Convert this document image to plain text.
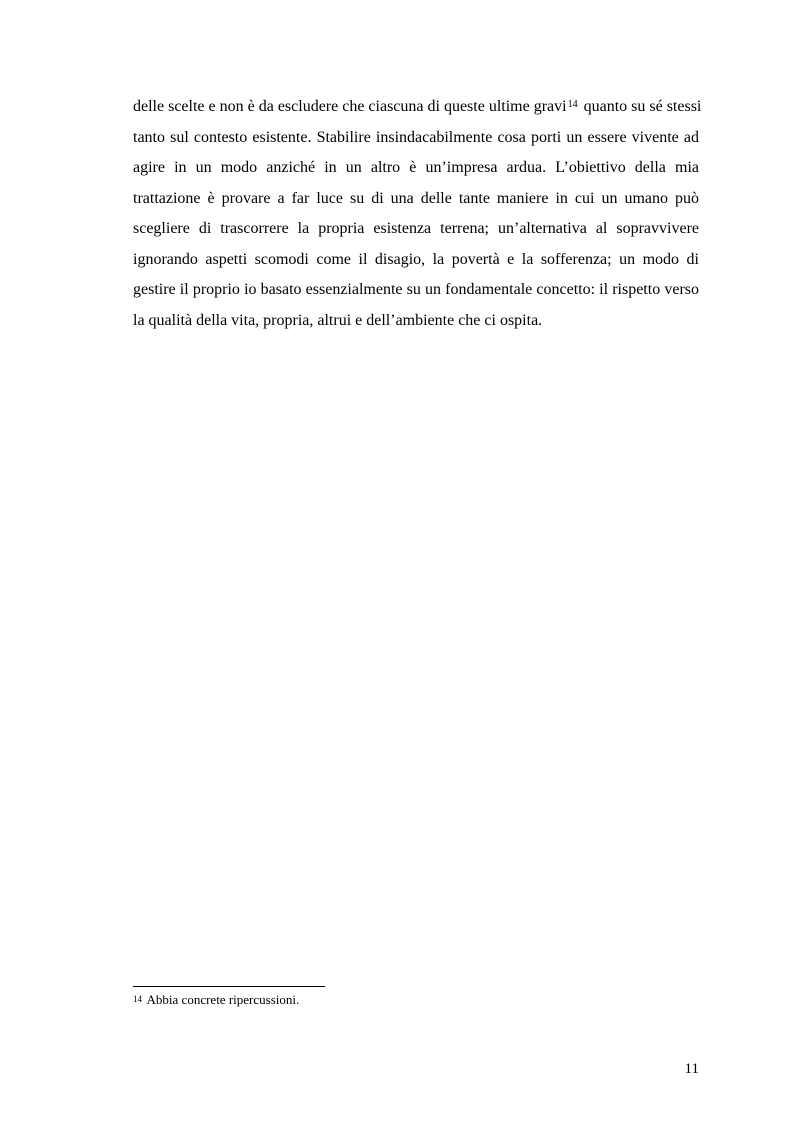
delle scelte e non è da escludere che ciascuna di queste ultime gravi$^{14}$ quanto su sé stessi
tanto sul contesto esistente. Stabilire insindacabilmente cosa porti un essere vivente ad
agire in un modo anziché in un altro è un’impresa ardua. L’obiettivo della mia
trattazione è provare a far luce su di una delle tante maniere in cui un umano può
scegliere di trascorrere la propria esistenza terrena; un’alternativa al sopravvivere
ignorando aspetti scomodi come il disagio, la povertà e la sofferenza; un modo di
gestire il proprio io basato essenzialmente su un fondamentale concetto: il rispetto verso
la qualità della vita, propria, altrui e dell’ambiente che ci ospita.
$^{14}$ Abbia concrete ripercussioni.
11
